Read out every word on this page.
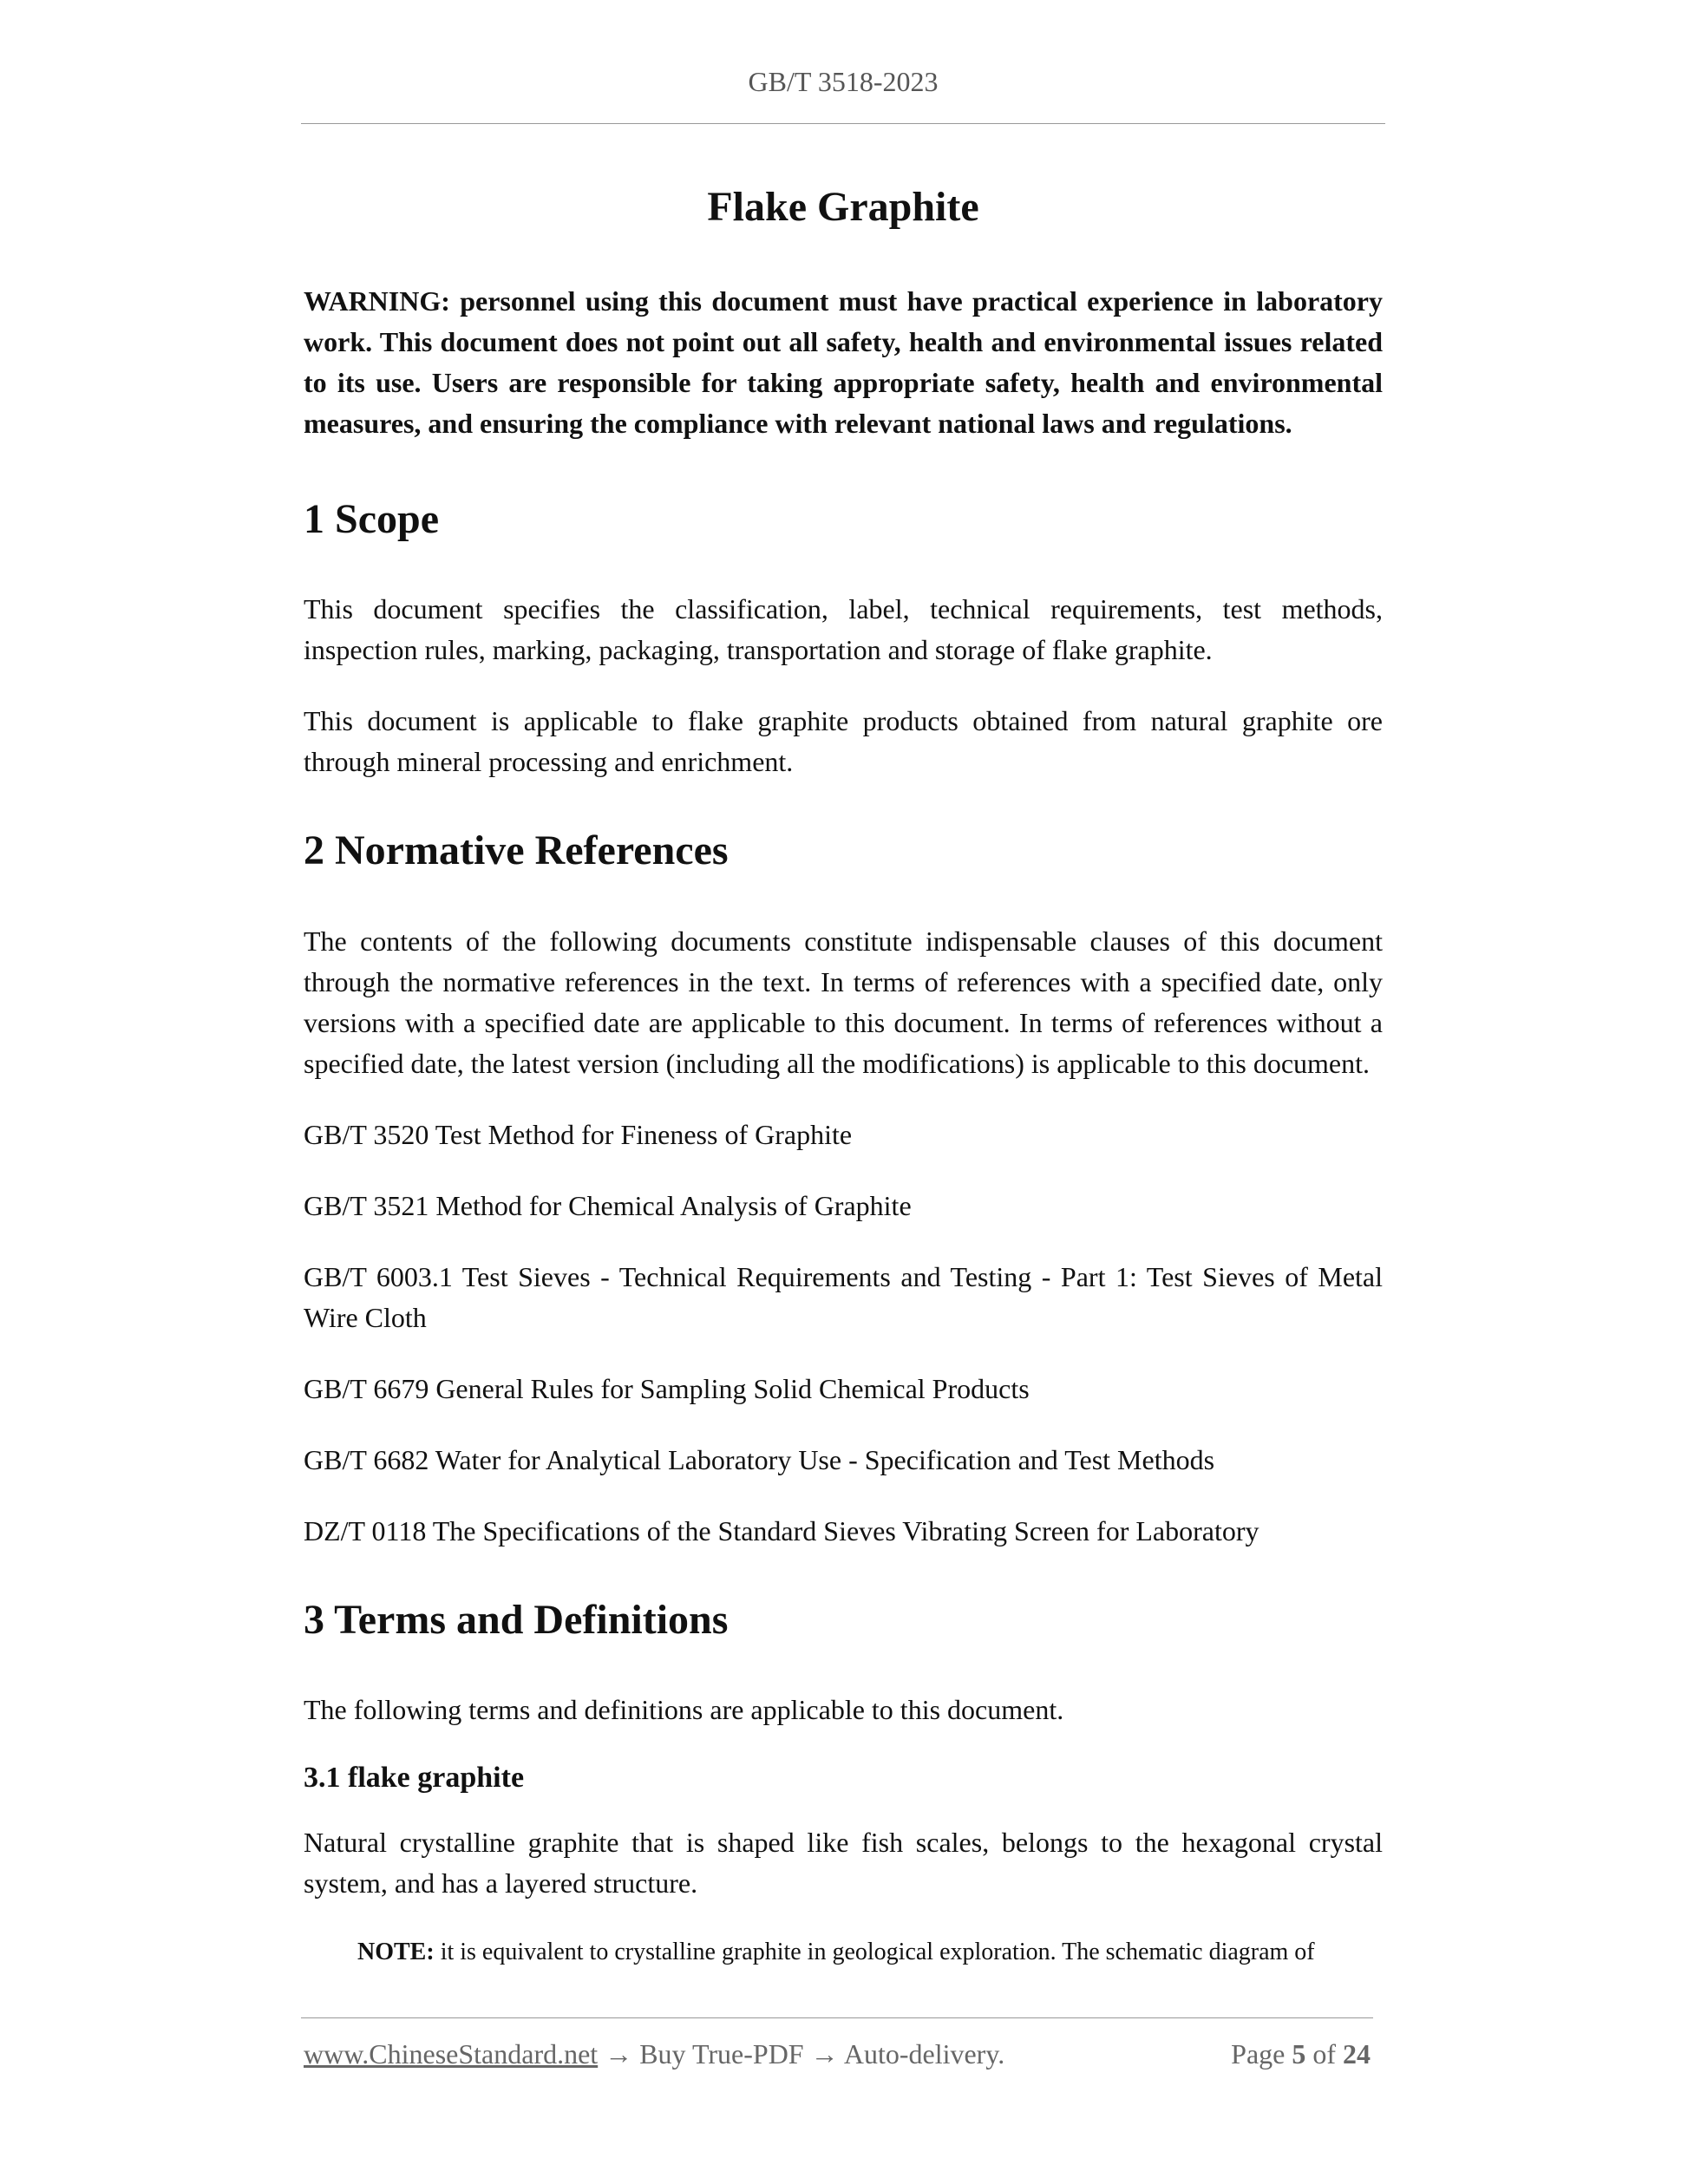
GB/T 3518-2023
Flake Graphite
WARNING: personnel using this document must have practical experience in laboratory work. This document does not point out all safety, health and environmental issues related to its use. Users are responsible for taking appropriate safety, health and environmental measures, and ensuring the compliance with relevant national laws and regulations.
1 Scope

This document specifies the classification, label, technical requirements, test methods, inspection rules, marking, packaging, transportation and storage of flake graphite.

This document is applicable to flake graphite products obtained from natural graphite ore through mineral processing and enrichment.

2 Normative References

The contents of the following documents constitute indispensable clauses of this document through the normative references in the text. In terms of references with a specified date, only versions with a specified date are applicable to this document. In terms of references without a specified date, the latest version (including all the modifications) is applicable to this document.

GB/T 3520 Test Method for Fineness of Graphite
GB/T 3521 Method for Chemical Analysis of Graphite
GB/T 6003.1 Test Sieves - Technical Requirements and Testing - Part 1: Test Sieves of Metal Wire Cloth
GB/T 6679 General Rules for Sampling Solid Chemical Products
GB/T 6682 Water for Analytical Laboratory Use - Specification and Test Methods
DZ/T 0118 The Specifications of the Standard Sieves Vibrating Screen for Laboratory
3 Terms and Definitions

The following terms and definitions are applicable to this document.

3.1 flake graphite

Natural crystalline graphite that is shaped like fish scales, belongs to the hexagonal crystal system, and has a layered structure.

NOTE: it is equivalent to crystalline graphite in geological exploration. The schematic diagram of
www.ChineseStandard.net → Buy True-PDF → Auto-delivery.	Page 5 of 24
